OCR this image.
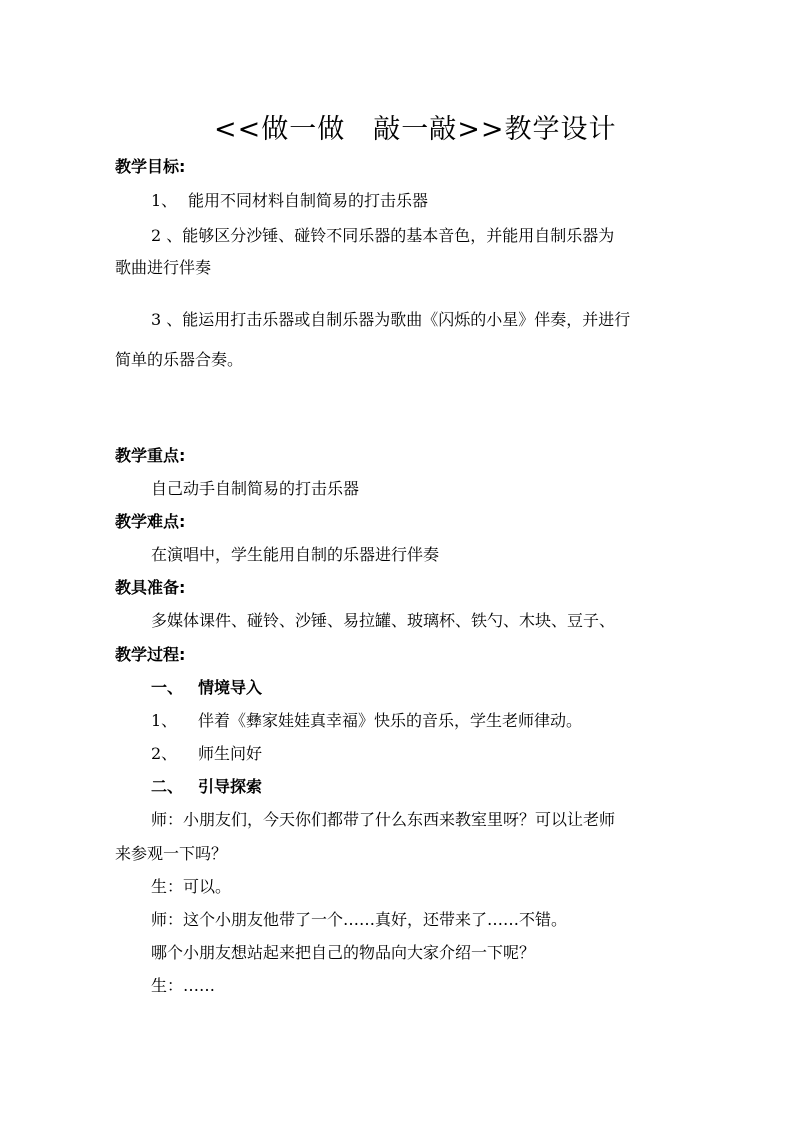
<<做一做 敲一敲>>教学设计
教学目标:
1、 能用不同材料自制简易的打击乐器
2 、能够区分沙锤、碰铃不同乐器的基本音色，并能用自制乐器为
歌曲进行伴奏
3 、能运用打击乐器或自制乐器为歌曲《闪烁的小星》伴奏，并进行
简单的乐器合奏。
教学重点:
自己动手自制简易的打击乐器
教学难点:
在演唱中，学生能用自制的乐器进行伴奏
教具准备:
多媒体课件、碰铃、沙锤、易拉罐、玻璃杯、铁勺、木块、豆子、
教学过程:
一、 情境导入
1、 伴着《彝家娃娃真幸福》快乐的音乐，学生老师律动。
2、 师生问好
二、 引导探索
师：小朋友们，今天你们都带了什么东西来教室里呀？可以让老师
来参观一下吗？
生：可以。
师：这个小朋友他带了一个……真好，还带来了……不错。
哪个小朋友想站起来把自己的物品向大家介绍一下呢？
生：……
